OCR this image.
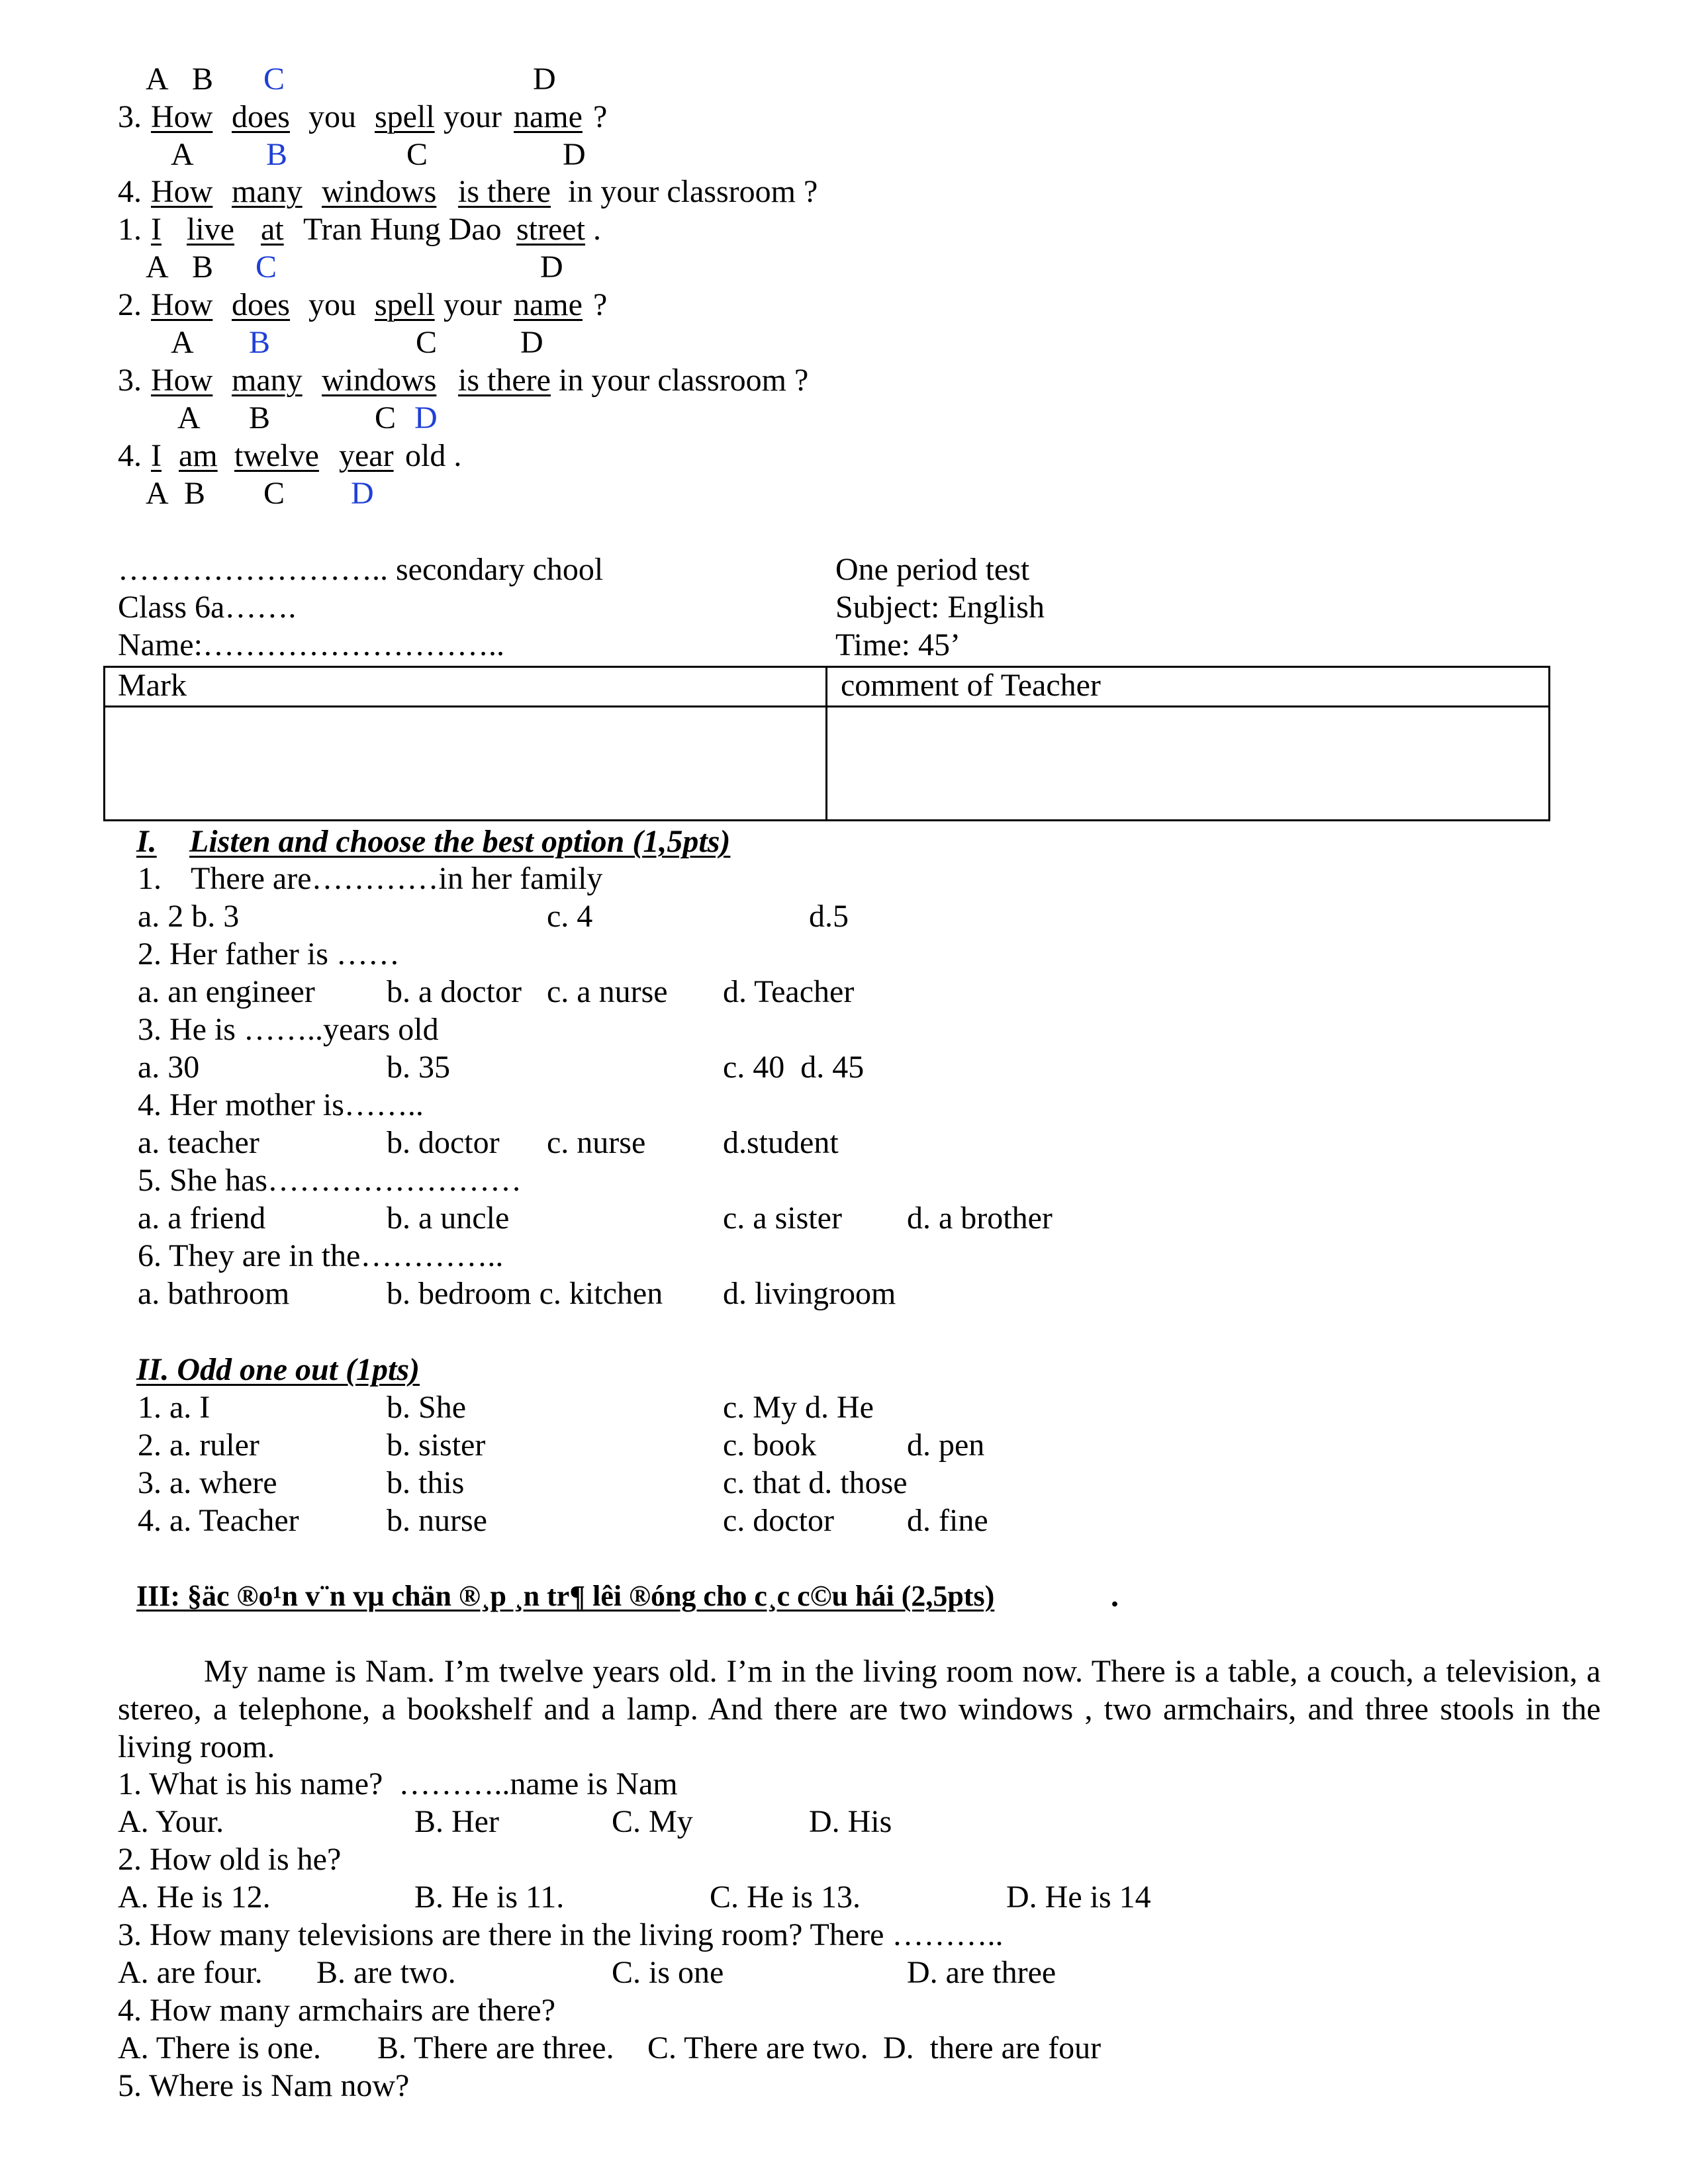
A B C	D
3. How does you spell your name ?
A B	C	D
4. How many windows is there in your classroom ?
1. I live at Tran Hung Dao street .
A B C	D
2. How does you spell your name ?
A B	C	D
3. How many windows is there in your classroom ?
A B	C D
4. I am twelve year old .
A B C D
…………………….. secondary chool
Class 6a…….
Name:………………………..
One period test
Subject: English
Time: 45’
Mark	comment of Teacher
I. Listen and choose the best option (1,5pts)
1. There are…………in her family
a. 2 b. 3	c. 4	d.5
2. Her father is ……
a. an engineer b. a doctor c. a nurse d. Teacher
3. He is ……..years old
a. 30	b. 35	c. 40  d. 45
4. Her mother is……..
a. teacher	b. doctor c. nurse d.student
5. She has……………………
a. a friend	b. a uncle	c. a sister d. a brother
6. They are in the…………..
a. bathroom	b. bedroom c. kitchen d. livingroom
II. Odd one out (1pts)
1. a. I	b. She	c. My d. He
2. a. ruler	b. sister	c. book	d. pen
3. a. where	b. this	c. that d. those
4. a. Teacher	b. nurse	c. doctor d. fine
III: §äc ®o¹n v¨n vµ chän ®¸p ¸n tr¶ lêi ®óng cho c¸c c©u hái (2,5pts)	.

My name is Nam. I’m twelve years old. I’m in the living room now. There is a table, a couch, a television, a stereo, a telephone, a bookshelf and a lamp. And there are two windows , two armchairs, and three stools in the living room.

1. What is his name?  ………..name is Nam
A. Your.	B. Her	C. My	D. His
2. How old is he?
A. He is 12.	B. He is 11.	C. He is 13.	D. He is 14
3. How many televisions are there in the living room? There ………..
A. are four. B. are two.	C. is one	D. are three
4. How many armchairs are there?
A. There is one. B. There are three. C. There are two. D.  there are four
5. Where is Nam now?
